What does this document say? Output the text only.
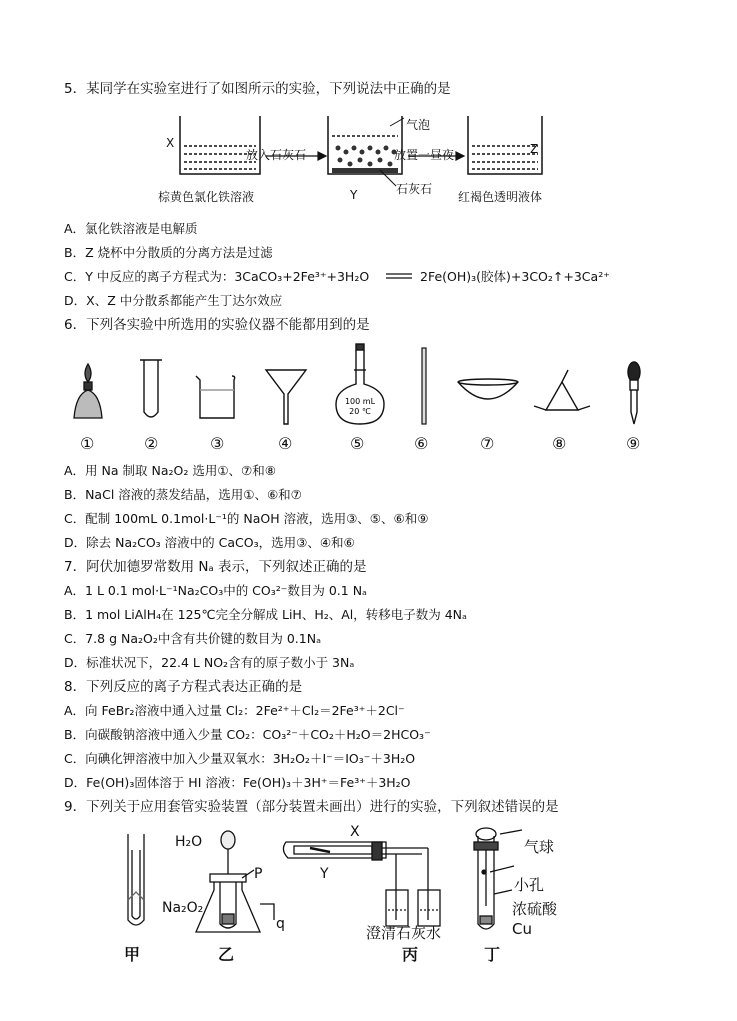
5．某同学在实验室进行了如图所示的实验，下列说法中正确的是
X
放入石灰石
气泡
放置一昼夜	Z
棕黄色氯化铁溶液	Y	石灰石
红褐色透明液体
A．氯化铁溶液是电解质
B．Z 烧杯中分散质的分离方法是过滤
C．Y 中反应的离子方程式为：3CaCO₃+2Fe³⁺+3H₂O	2Fe(OH)₃(胶体)+3CO₂↑+3Ca²⁺
D．X、Z 中分散系都能产生丁达尔效应
6．下列各实验中所选用的实验仪器不能都用到的是
100 mL
20 ℃
①	②	③	④	⑤	⑥	⑦	⑧	⑨
A．用 Na 制取 Na₂O₂ 选用①、⑦和⑧
B．NaCl 溶液的蒸发结晶，选用①、⑥和⑦
C．配制 100mL 0.1mol·L⁻¹的 NaOH 溶液，选用③、⑤、⑥和⑨
D．除去 Na₂CO₃ 溶液中的 CaCO₃，选用③、④和⑥
7．阿伏加德罗常数用 Nₐ 表示，下列叙述正确的是
A．1 L 0.1 mol·L⁻¹Na₂CO₃中的 CO₃²⁻数目为 0.1 Nₐ
B．1 mol LiAlH₄在 125℃完全分解成 LiH、H₂、Al，转移电子数为 4Nₐ
C．7.8 g Na₂O₂中含有共价键的数目为 0.1Nₐ
D．标准状况下，22.4 L NO₂含有的原子数小于 3Nₐ
8．下列反应的离子方程式表达正确的是
A．向 FeBr₂溶液中通入过量 Cl₂：2Fe²⁺＋Cl₂＝2Fe³⁺＋2Cl⁻
B．向碳酸钠溶液中通入少量 CO₂：CO₃²⁻＋CO₂＋H₂O＝2HCO₃⁻
C．向碘化钾溶液中加入少量双氧水：3H₂O₂＋I⁻＝IO₃⁻＋3H₂O
D．Fe(OH)₃固体溶于 HI 溶液：Fe(OH)₃＋3H⁺＝Fe³⁺＋3H₂O
9．下列关于应用套管实验装置（部分装置未画出）进行的实验，下列叙述错误的是
H₂O
P
Na₂O₂
q
X
Y
澄清石灰水
气球
小孔
浓硫酸
Cu
甲	乙	丙	丁
